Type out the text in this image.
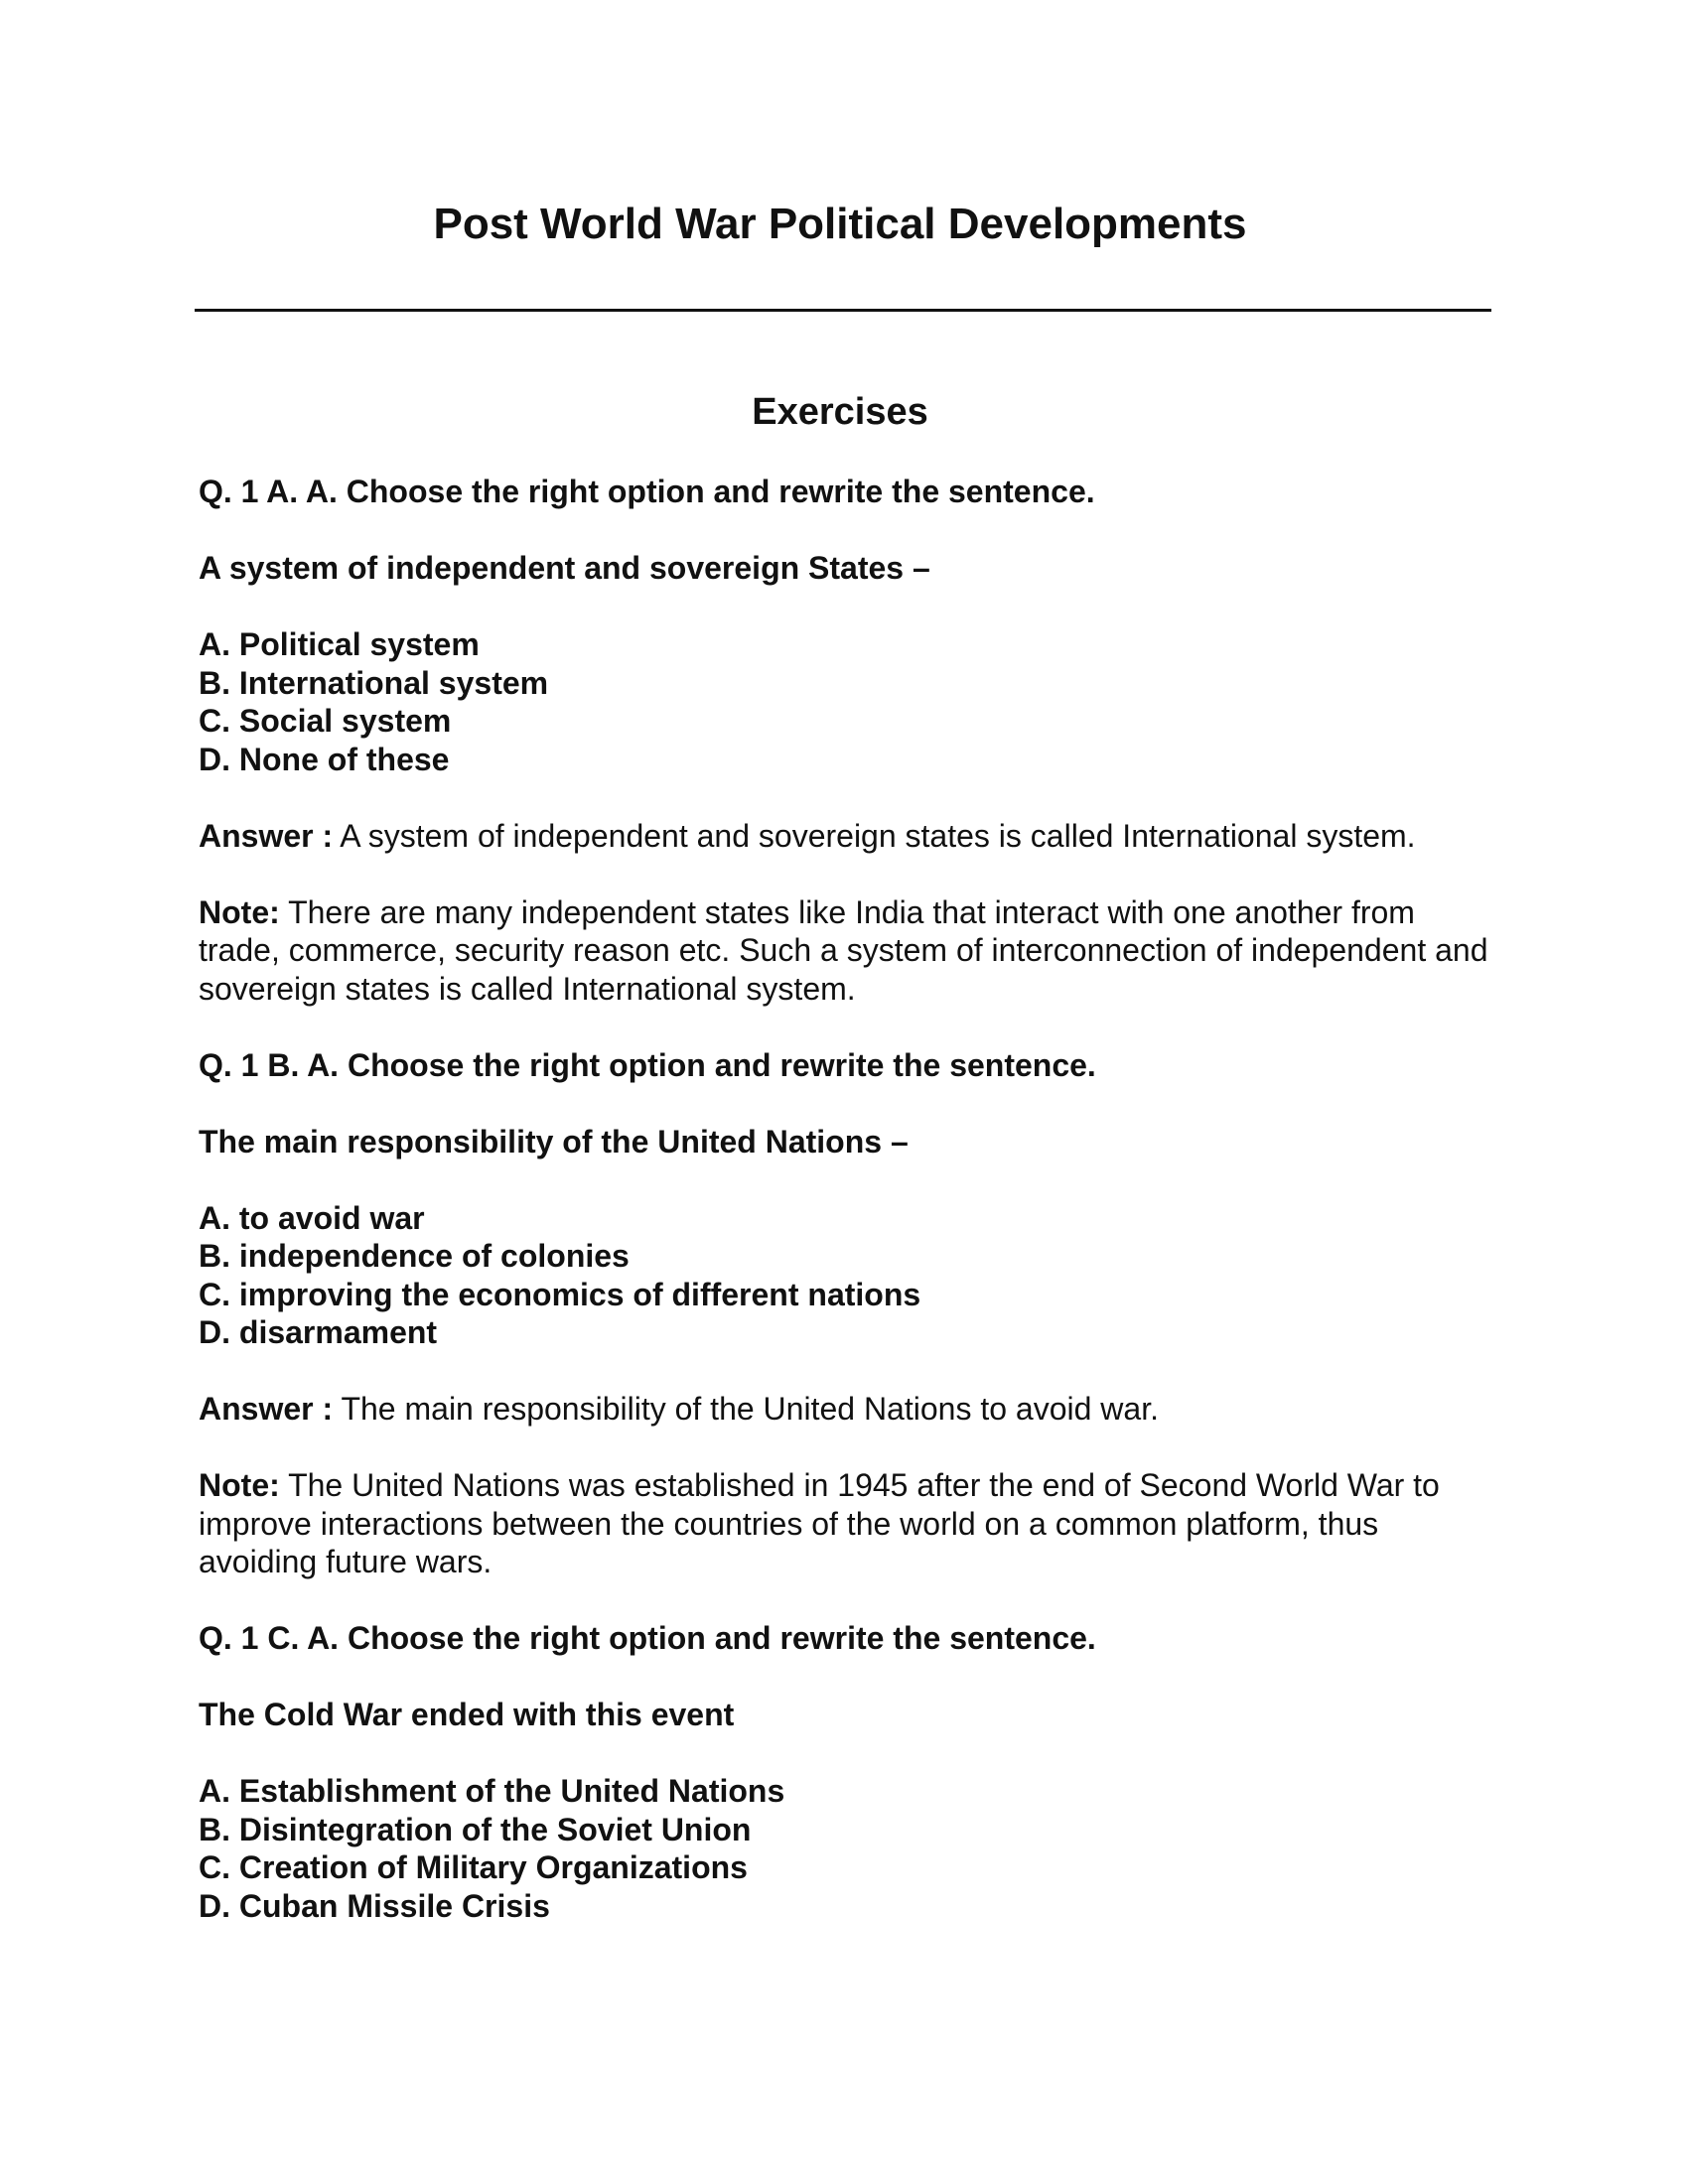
Post World War Political Developments
Exercises

Q. 1 A. A. Choose the right option and rewrite the sentence.

A system of independent and sovereign States –

A. Political system
B. International system
C. Social system
D. None of these

Answer : A system of independent and sovereign states is called International system.

Note: There are many independent states like India that interact with one another from trade, commerce, security reason etc. Such a system of interconnection of independent and sovereign states is called International system.

Q. 1 B. A. Choose the right option and rewrite the sentence.

The main responsibility of the United Nations –

A. to avoid war
B. independence of colonies
C. improving the economics of different nations
D. disarmament

Answer : The main responsibility of the United Nations to avoid war.

Note: The United Nations was established in 1945 after the end of Second World War to improve interactions between the countries of the world on a common platform, thus avoiding future wars.

Q. 1 C. A. Choose the right option and rewrite the sentence.

The Cold War ended with this event

A. Establishment of the United Nations
B. Disintegration of the Soviet Union
C. Creation of Military Organizations
D. Cuban Missile Crisis
